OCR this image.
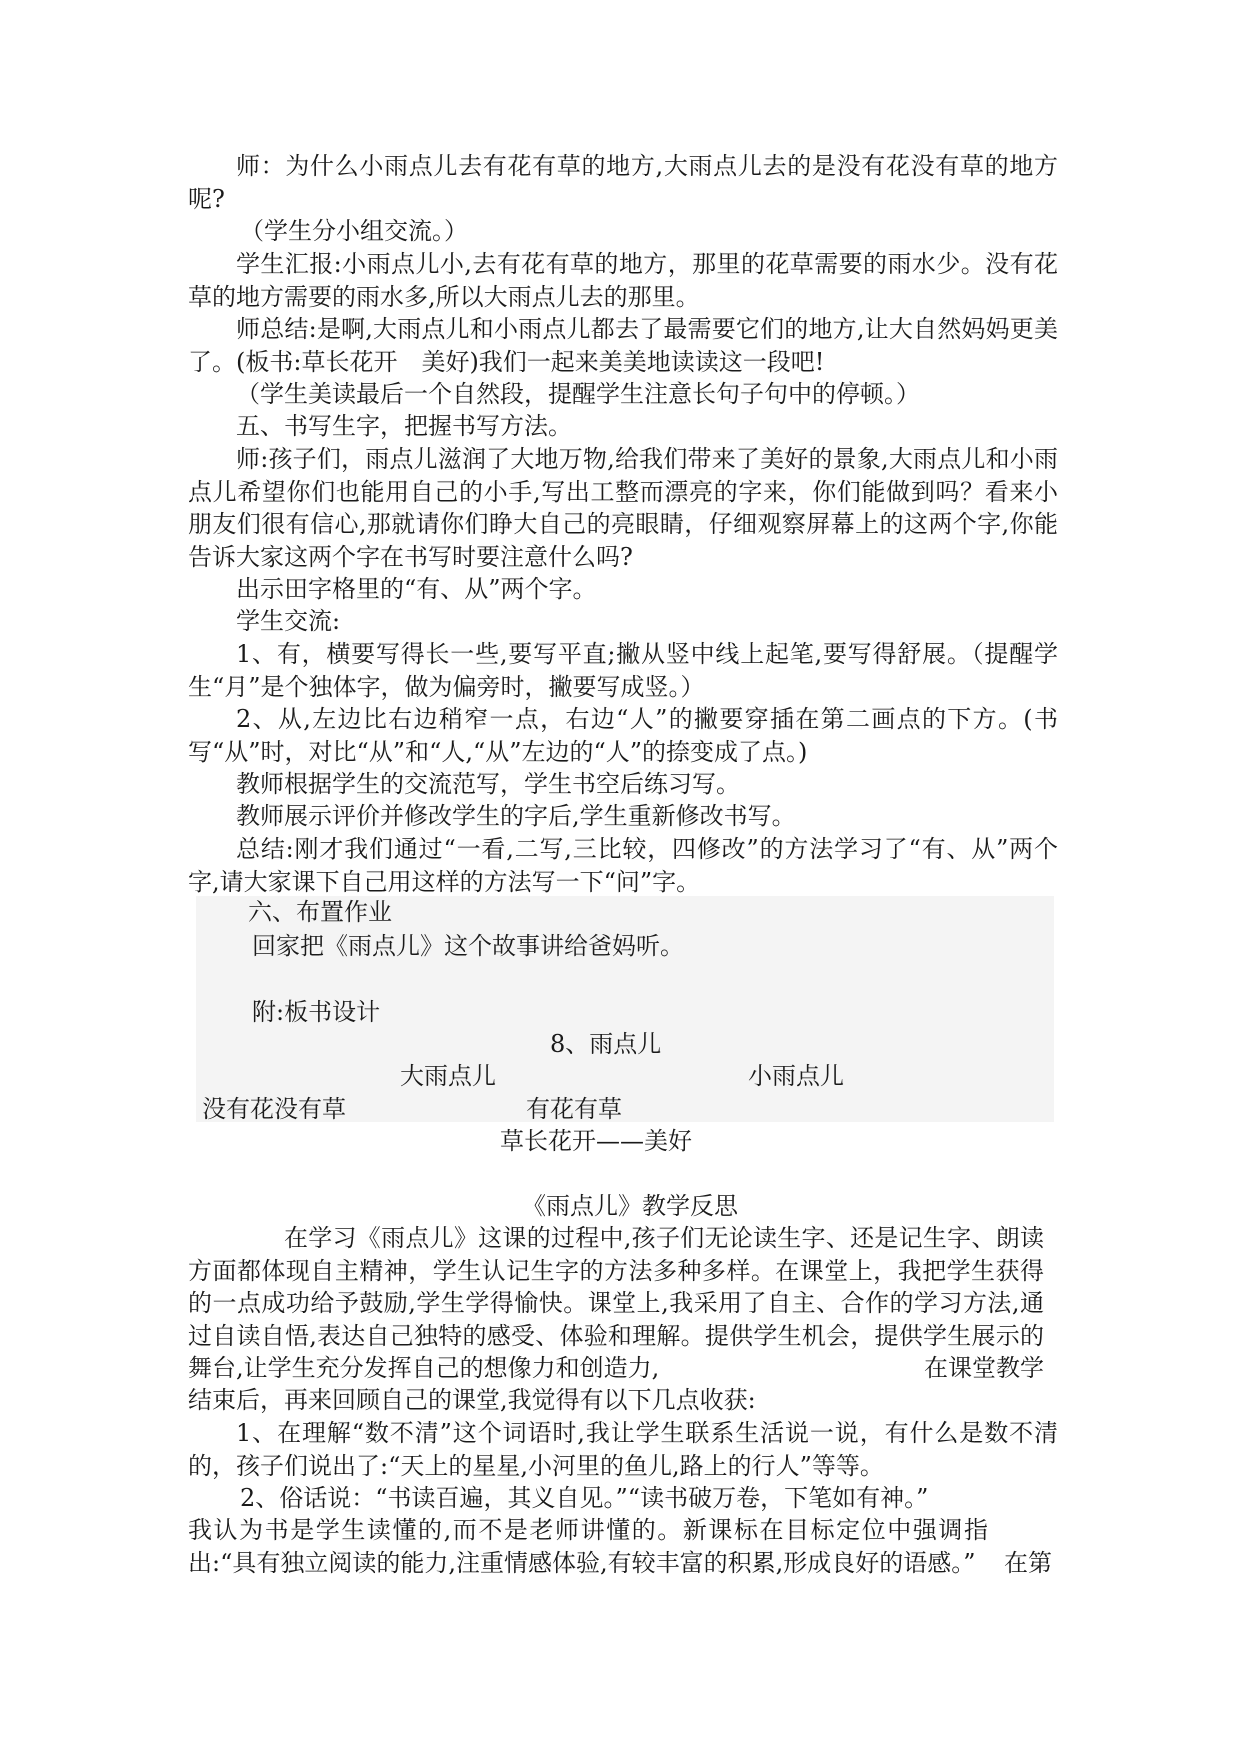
师：为什么小雨点儿去有花有草的地方,大雨点儿去的是没有花没有草的地方呢?

（学生分小组交流。）

学生汇报:小雨点儿小,去有花有草的地方，那里的花草需要的雨水少。没有花草的地方需要的雨水多,所以大雨点儿去的那里。

师总结:是啊,大雨点儿和小雨点儿都去了最需要它们的地方,让大自然妈妈更美了。(板书:草长花开　美好)我们一起来美美地读读这一段吧!

（学生美读最后一个自然段，提醒学生注意长句子句中的停顿。）

五、书写生字，把握书写方法。

师:孩子们，雨点儿滋润了大地万物,给我们带来了美好的景象,大雨点儿和小雨点儿希望你们也能用自己的小手,写出工整而漂亮的字来，你们能做到吗？看来小朋友们很有信心,那就请你们睁大自己的亮眼睛，仔细观察屏幕上的这两个字,你能告诉大家这两个字在书写时要注意什么吗?

出示田字格里的“有、从”两个字。

学生交流:

1、有，横要写得长一些,要写平直;撇从竖中线上起笔,要写得舒展。（提醒学生“月”是个独体字，做为偏旁时，撇要写成竖。）

2、从,左边比右边稍窄一点，右边“人”的撇要穿插在第二画点的下方。(书写“从”时，对比“从”和“人,“从”左边的“人”的捺变成了点。)

教师根据学生的交流范写，学生书空后练习写。

教师展示评价并修改学生的字后,学生重新修改书写。

总结:刚才我们通过“一看,二写,三比较，四修改”的方法学习了“有、从”两个字,请大家课下自己用这样的方法写一下“问”字。

六、布置作业

回家把《雨点儿》这个故事讲给爸妈听。

附:板书设计

8、雨点儿

大雨点儿	小雨点儿

没有花没有草	有花有草

草长花开——美好

《雨点儿》教学反思

在学习《雨点儿》这课的过程中,孩子们无论读生字、还是记生字、朗读方面都体现自主精神，学生认记生字的方法多种多样。在课堂上，我把学生获得的一点成功给予鼓励,学生学得愉快。课堂上,我采用了自主、合作的学习方法,通过自读自悟,表达自己独特的感受、体验和理解。提供学生机会，提供学生展示的舞台,让学生充分发挥自己的想像力和创造力,	在课堂教学

结束后，再来回顾自己的课堂,我觉得有以下几点收获:

1、在理解“数不清”这个词语时,我让学生联系生活说一说，有什么是数不清的，孩子们说出了:“天上的星星,小河里的鱼儿,路上的行人”等等。

2、俗话说：“书读百遍，其义自见。”“读书破万卷，下笔如有神。”

我认为书是学生读懂的,而不是老师讲懂的。新课标在目标定位中强调指出:“具有独立阅读的能力,注重情感体验,有较丰富的积累,形成良好的语感。”	在第
